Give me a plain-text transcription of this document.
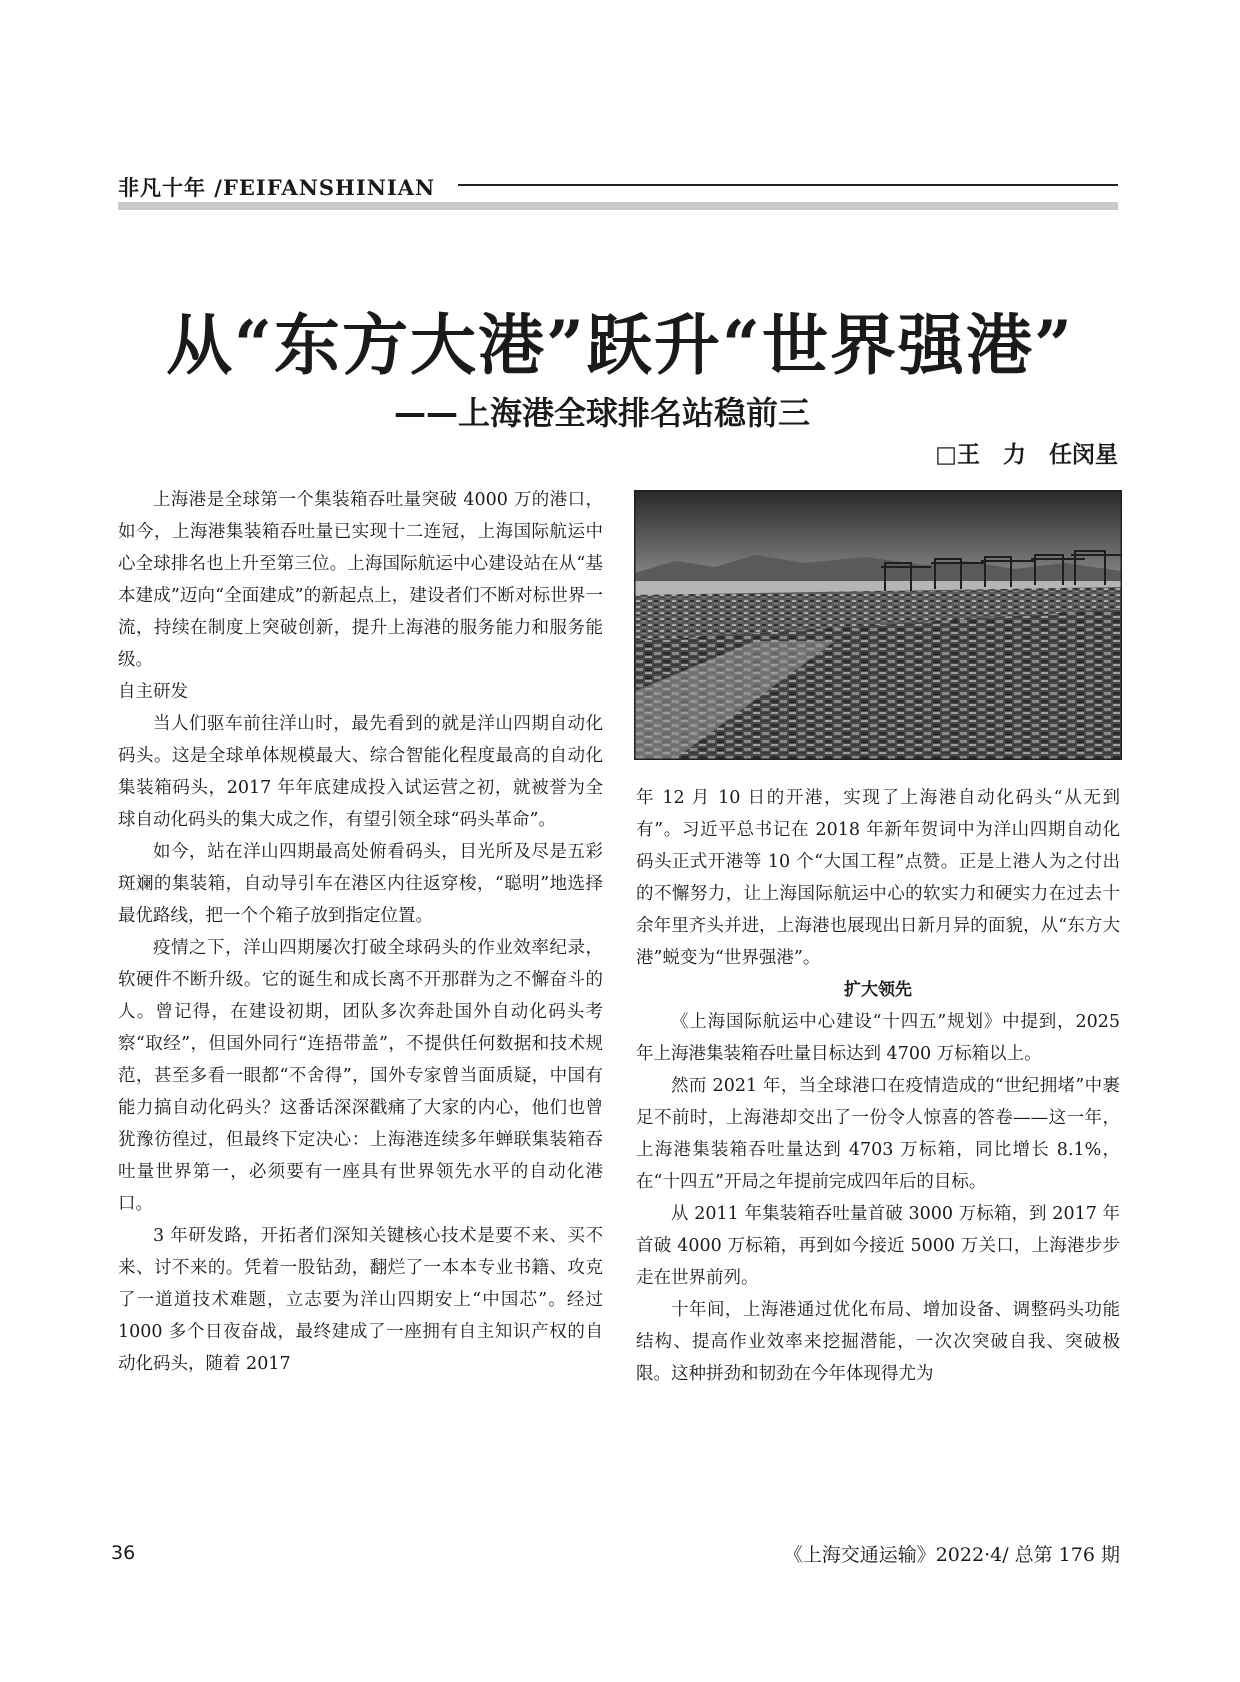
非凡十年 /FEIFANSHINIAN
从“东方大港”跃升“世界强港”
——上海港全球排名站稳前三
□王　力　任闵星

上海港是全球第一个集装箱吞吐量突破 4000 万的港口，如今，上海港集装箱吞吐量已实现十二连冠，上海国际航运中心全球排名也上升至第三位。上海国际航运中心建设站在从“基本建成”迈向“全面建成”的新起点上，建设者们不断对标世界一流，持续在制度上突破创新，提升上海港的服务能力和服务能级。

自主研发

当人们驱车前往洋山时，最先看到的就是洋山四期自动化码头。这是全球单体规模最大、综合智能化程度最高的自动化集装箱码头，2017 年年底建成投入试运营之初，就被誉为全球自动化码头的集大成之作，有望引领全球“码头革命”。

如今，站在洋山四期最高处俯看码头，目光所及尽是五彩斑斓的集装箱，自动导引车在港区内往返穿梭，“聪明”地选择最优路线，把一个个箱子放到指定位置。

疫情之下，洋山四期屡次打破全球码头的作业效率纪录，软硬件不断升级。它的诞生和成长离不开那群为之不懈奋斗的人。曾记得，在建设初期，团队多次奔赴国外自动化码头考察“取经”，但国外同行“连捂带盖”，不提供任何数据和技术规范，甚至多看一眼都“不舍得”，国外专家曾当面质疑，中国有能力搞自动化码头？这番话深深戳痛了大家的内心，他们也曾犹豫彷徨过，但最终下定决心：上海港连续多年蝉联集装箱吞吐量世界第一，必须要有一座具有世界领先水平的自动化港口。

3 年研发路，开拓者们深知关键核心技术是要不来、买不来、讨不来的。凭着一股钻劲，翻烂了一本本专业书籍、攻克了一道道技术难题，立志要为洋山四期安上“中国芯”。经过 1000 多个日夜奋战，最终建成了一座拥有自主知识产权的自动化码头，随着 2017

年 12 月 10 日的开港，实现了上海港自动化码头“从无到有”。习近平总书记在 2018 年新年贺词中为洋山四期自动化码头正式开港等 10 个“大国工程”点赞。正是上港人为之付出的不懈努力，让上海国际航运中心的软实力和硬实力在过去十余年里齐头并进，上海港也展现出日新月异的面貌，从“东方大港”蜕变为“世界强港”。

扩大领先

《上海国际航运中心建设“十四五”规划》中提到，2025 年上海港集装箱吞吐量目标达到 4700 万标箱以上。

然而 2021 年，当全球港口在疫情造成的“世纪拥堵”中裹足不前时，上海港却交出了一份令人惊喜的答卷——这一年，上海港集装箱吞吐量达到 4703 万标箱，同比增长 8.1%，在“十四五”开局之年提前完成四年后的目标。

从 2011 年集装箱吞吐量首破 3000 万标箱，到 2017 年首破 4000 万标箱，再到如今接近 5000 万关口，上海港步步走在世界前列。

十年间，上海港通过优化布局、增加设备、调整码头功能结构、提高作业效率来挖掘潜能，一次次突破自我、突破极限。这种拼劲和韧劲在今年体现得尤为

36	《上海交通运输》2022·4/ 总第 176 期
